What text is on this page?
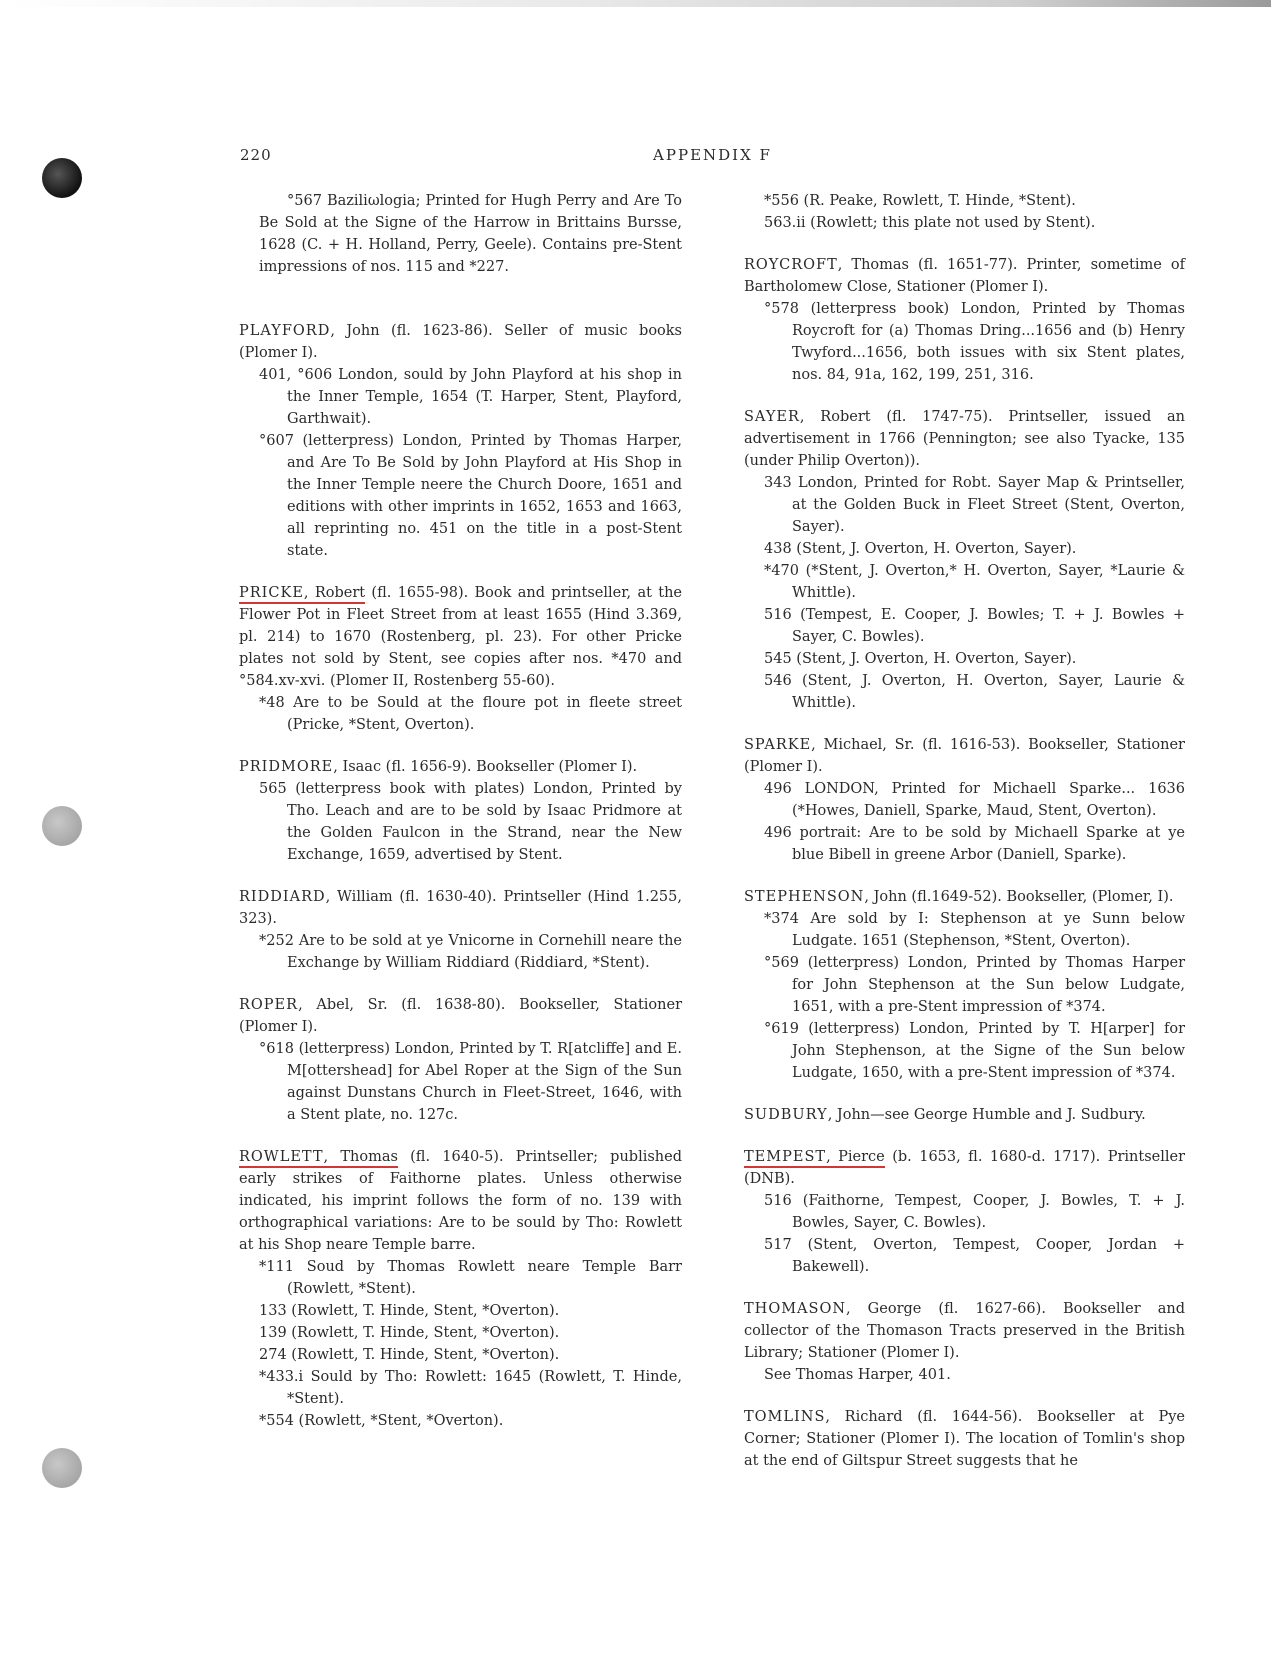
220	APPENDIX F

°567 Baziliωlogia; Printed for Hugh Perry and Are To Be Sold at the Signe of the Harrow in Brittains Bursse, 1628 (C. + H. Holland, Perry, Geele). Contains pre-Stent impressions of nos. 115 and *227.

PLAYFORD, John (fl. 1623-86). Seller of music books (Plomer I).

401, °606 London, sould by John Playford at his shop in the Inner Temple, 1654 (T. Harper, Stent, Playford, Garthwait).

°607 (letterpress) London, Printed by Thomas Harper, and Are To Be Sold by John Playford at His Shop in the Inner Temple neere the Church Doore, 1651 and editions with other imprints in 1652, 1653 and 1663, all reprinting no. 451 on the title in a post-Stent state.

PRICKE, Robert (fl. 1655-98). Book and printseller, at the Flower Pot in Fleet Street from at least 1655 (Hind 3.369, pl. 214) to 1670 (Rostenberg, pl. 23). For other Pricke plates not sold by Stent, see copies after nos. *470 and °584.xv-xvi. (Plomer II, Rostenberg 55-60).

*48 Are to be Sould at the floure pot in fleete street (Pricke, *Stent, Overton).

PRIDMORE, Isaac (fl. 1656-9). Bookseller (Plomer I).

565 (letterpress book with plates) London, Printed by Tho. Leach and are to be sold by Isaac Pridmore at the Golden Faulcon in the Strand, near the New Exchange, 1659, advertised by Stent.

RIDDIARD, William (fl. 1630-40). Printseller (Hind 1.255, 323).

*252 Are to be sold at ye Vnicorne in Cornehill neare the Exchange by William Riddiard (Riddiard, *Stent).

ROPER, Abel, Sr. (fl. 1638-80). Bookseller, Stationer (Plomer I).

°618 (letterpress) London, Printed by T. R[atcliffe] and E. M[ottershead] for Abel Roper at the Sign of the Sun against Dunstans Church in Fleet-Street, 1646, with a Stent plate, no. 127c.

ROWLETT, Thomas (fl. 1640-5). Printseller; published early strikes of Faithorne plates. Unless otherwise indicated, his imprint follows the form of no. 139 with orthographical variations: Are to be sould by Tho: Rowlett at his Shop neare Temple barre.

*111 Soud by Thomas Rowlett neare Temple Barr (Rowlett, *Stent).

133 (Rowlett, T. Hinde, Stent, *Overton).

139 (Rowlett, T. Hinde, Stent, *Overton).

274 (Rowlett, T. Hinde, Stent, *Overton).

*433.i Sould by Tho: Rowlett: 1645 (Rowlett, T. Hinde, *Stent).

*554 (Rowlett, *Stent, *Overton).

*556 (R. Peake, Rowlett, T. Hinde, *Stent).

563.ii (Rowlett; this plate not used by Stent).

ROYCROFT, Thomas (fl. 1651-77). Printer, sometime of Bartholomew Close, Stationer (Plomer I).

°578 (letterpress book) London, Printed by Thomas Roycroft for (a) Thomas Dring...1656 and (b) Henry Twyford...1656, both issues with six Stent plates, nos. 84, 91a, 162, 199, 251, 316.

SAYER, Robert (fl. 1747-75). Printseller, issued an advertisement in 1766 (Pennington; see also Tyacke, 135 (under Philip Overton)).

343 London, Printed for Robt. Sayer Map & Printseller, at the Golden Buck in Fleet Street (Stent, Overton, Sayer).

438 (Stent, J. Overton, H. Overton, Sayer).

*470 (*Stent, J. Overton,* H. Overton, Sayer, *Laurie & Whittle).

516 (Tempest, E. Cooper, J. Bowles; T. + J. Bowles + Sayer, C. Bowles).

545 (Stent, J. Overton, H. Overton, Sayer).

546 (Stent, J. Overton, H. Overton, Sayer, Laurie & Whittle).

SPARKE, Michael, Sr. (fl. 1616-53). Bookseller, Stationer (Plomer I).

496 LONDON, Printed for Michaell Sparke... 1636 (*Howes, Daniell, Sparke, Maud, Stent, Overton).

496 portrait: Are to be sold by Michaell Sparke at ye blue Bibell in greene Arbor (Daniell, Sparke).

STEPHENSON, John (fl.1649-52). Bookseller, (Plomer, I).

*374 Are sold by I: Stephenson at ye Sunn below Ludgate. 1651 (Stephenson, *Stent, Overton).

°569 (letterpress) London, Printed by Thomas Harper for John Stephenson at the Sun below Ludgate, 1651, with a pre-Stent impression of *374.

°619 (letterpress) London, Printed by T. H[arper] for John Stephenson, at the Signe of the Sun below Ludgate, 1650, with a pre-Stent impression of *374.

SUDBURY, John—see George Humble and J. Sudbury.

TEMPEST, Pierce (b. 1653, fl. 1680-d. 1717). Printseller (DNB).

516 (Faithorne, Tempest, Cooper, J. Bowles, T. + J. Bowles, Sayer, C. Bowles).

517 (Stent, Overton, Tempest, Cooper, Jordan + Bakewell).

THOMASON, George (fl. 1627-66). Bookseller and collector of the Thomason Tracts preserved in the British Library; Stationer (Plomer I).

See Thomas Harper, 401.

TOMLINS, Richard (fl. 1644-56). Bookseller at Pye Corner; Stationer (Plomer I). The location of Tomlin's shop at the end of Giltspur Street suggests that he
